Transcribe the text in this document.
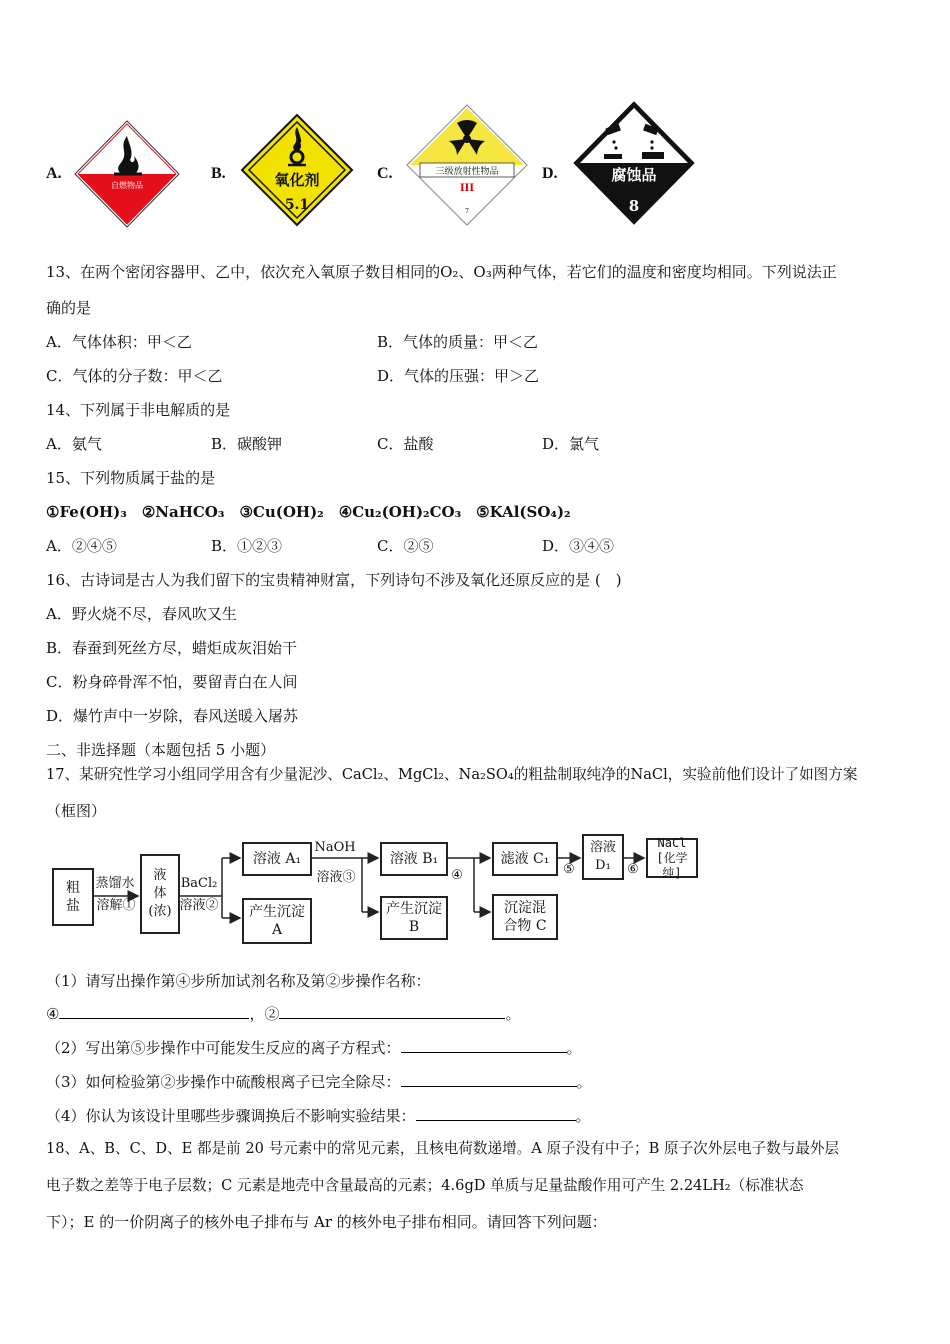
A.
自燃物品
B.	氧化剂
5.1
C.	三级放射性物品
III
7
D.	腐蚀品
8
13、在两个密闭容器甲、乙中，依次充入氧原子数目相同的O₂、O₃两种气体，若它们的温度和密度均相同。下列说法正
确的是
A．气体体积：甲＜乙	B．气体的质量：甲＜乙
C．气体的分子数：甲＜乙	D．气体的压强：甲＞乙
14、下列属于非电解质的是
A．氨气	B．碳酸钾	C．盐酸	D．氯气
15、下列物质属于盐的是
①Fe(OH)₃　②NaHCO₃　③Cu(OH)₂　④Cu₂(OH)₂CO₃　⑤KAl(SO₄)₂
A．②④⑤	B．①②③	C．②⑤	D．③④⑤
16、古诗词是古人为我们留下的宝贵精神财富，下列诗句不涉及氧化还原反应的是 (　)
A．野火烧不尽，春风吹又生
B．春蚕到死丝方尽，蜡炬成灰泪始干
C．粉身碎骨浑不怕，要留青白在人间
D．爆竹声中一岁除，春风送暖入屠苏
二、非选择题（本题包括 5 小题）
17、某研究性学习小组同学用含有少量泥沙、CaCl₂、MgCl₂、Na₂SO₄的粗盐制取纯净的NaCl，实验前他们设计了如图方案
（框图）
粗
盐
蒸馏水
溶解①
液
体
(浓)
BaCl₂
溶液②
溶液 A₁
产生沉淀
A
NaOH
溶液③
溶液 B₁
产生沉淀
B
④
滤液 C₁
沉淀混
合物 C
⑤
溶液
D₁	⑥
NaCl
[化学纯]
（1）请写出操作第④步所加试剂名称及第②步操作名称：
④	，②	。
（2）写出第⑤步操作中可能发生反应的离子方程式：	。
（3）如何检验第②步操作中硫酸根离子已完全除尽：	。
（4）你认为该设计里哪些步骤调换后不影响实验结果：	。
18、A、B、C、D、E 都是前 20 号元素中的常见元素，且核电荷数递增。A 原子没有中子；B 原子次外层电子数与最外层
电子数之差等于电子层数；C 元素是地壳中含量最高的元素；4.6gD 单质与足量盐酸作用可产生 2.24LH₂（标准状态
下）；E 的一价阴离子的核外电子排布与 Ar 的核外电子排布相同。请回答下列问题：
